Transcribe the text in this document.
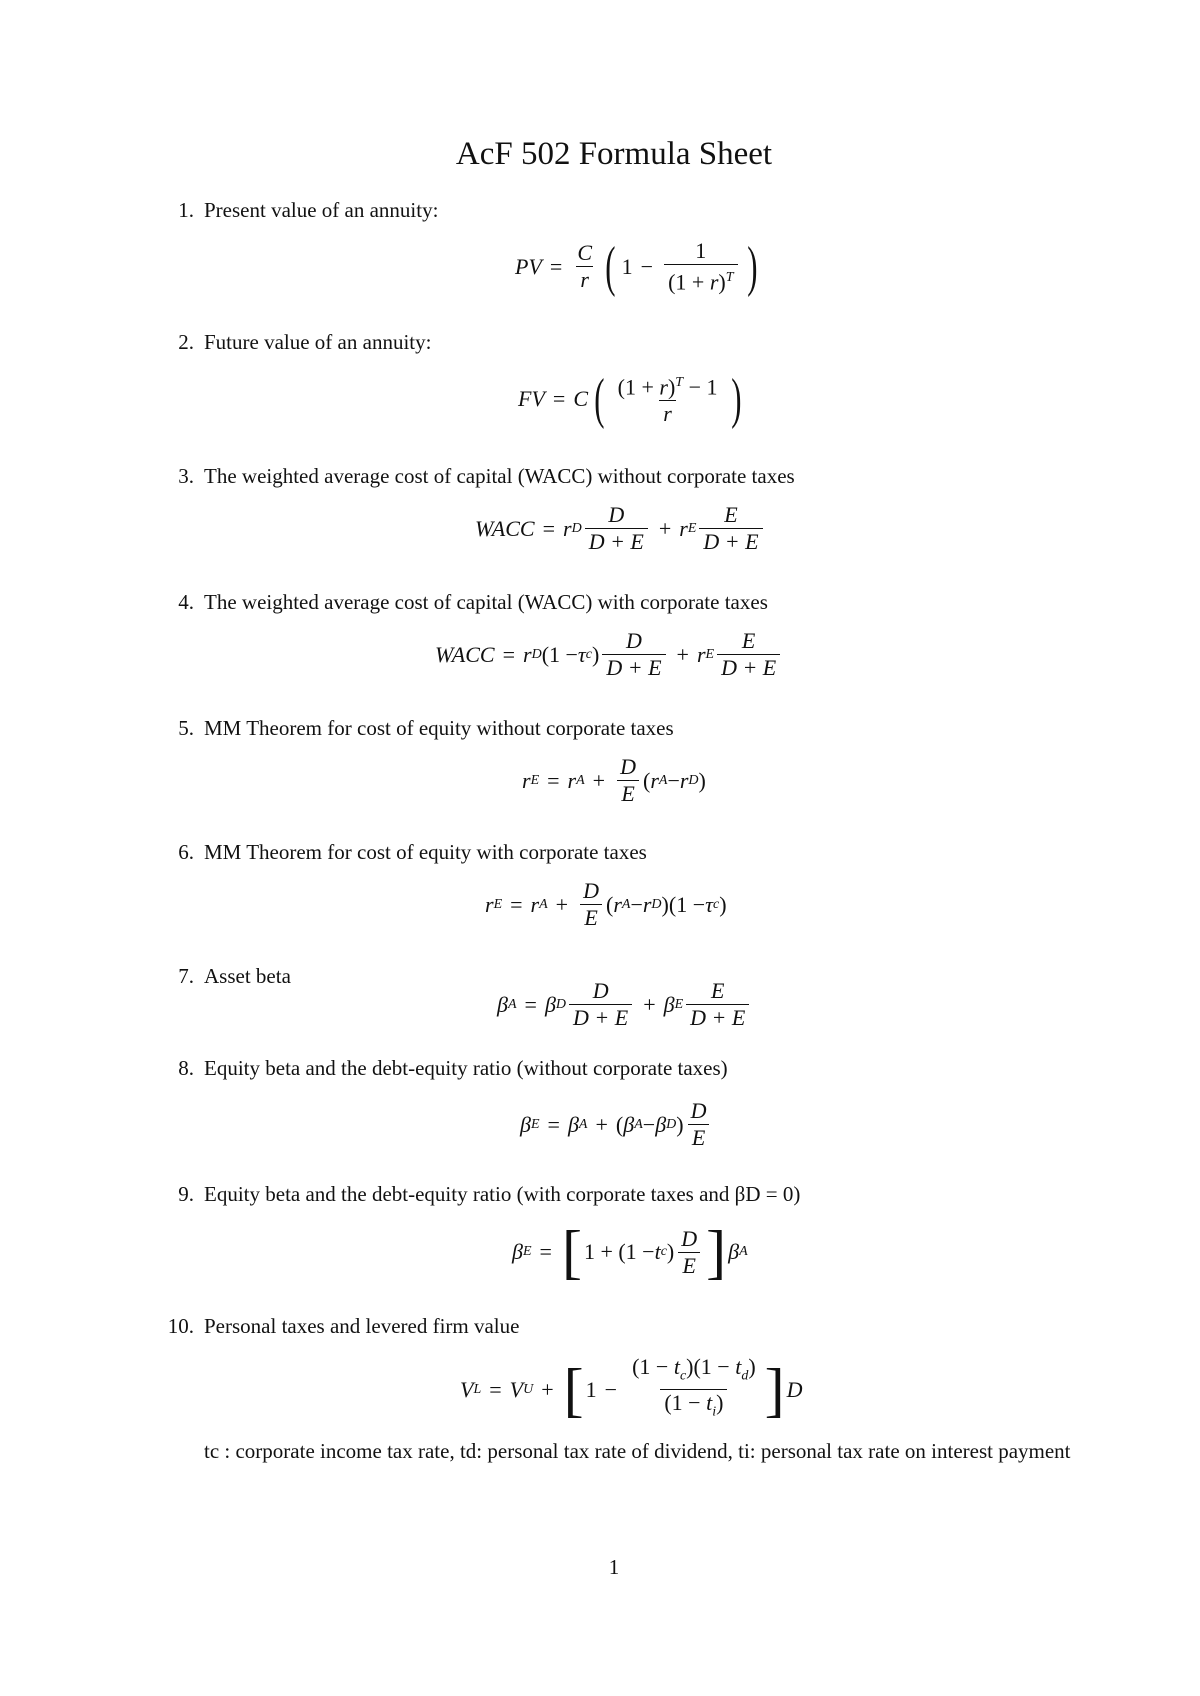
AcF 502 Formula Sheet
1. Present value of an annuity:
PV = $\frac{C}{r}$ ( $1 - \frac{1}{(1 + r)^T}$ )
2. Future value of an annuity:
FV = C ( $\frac{(1 + r)^T - 1}{r}$ )
3. The weighted average cost of capital (WACC) without corporate taxes
WACC = r D $\frac{D}{D + E} + r$ E $\frac{E}{D + E}$
4. The weighted average cost of capital (WACC) with corporate taxes
WACC = r D (1 − τ c ) $\frac{D}{D + E} + r$ E $\frac{E}{D + E}$
5. MM Theorem for cost of equity without corporate taxes
r E = r $A + \frac{D}{E}$ ( r A − r D )
6. MM Theorem for cost of equity with corporate taxes
r E = r $A + \frac{D}{E}$ ( r A − r D )(1 − τ c )
7. Asset beta
β A = β D $\frac{D}{D + E} + \beta$ E $\frac{E}{D + E}$
8. Equity beta and the debt-equity ratio (without corporate taxes)
β E = β A + ( β A − β D ) $\frac{D}{E}$
9. Equity beta and the debt-equity ratio (with corporate taxes and βD = 0)
β E = [ 1 + (1 − t c ) $\frac{D}{E}$ ] β A
10. Personal taxes and levered firm value
V L = V U + [ $1 - \frac{(1 - t_c)(1 - t_d)}{(1 - t_i)}$ ] D
tc : corporate income tax rate, td: personal tax rate of dividend, ti: personal tax rate on interest payment
1
